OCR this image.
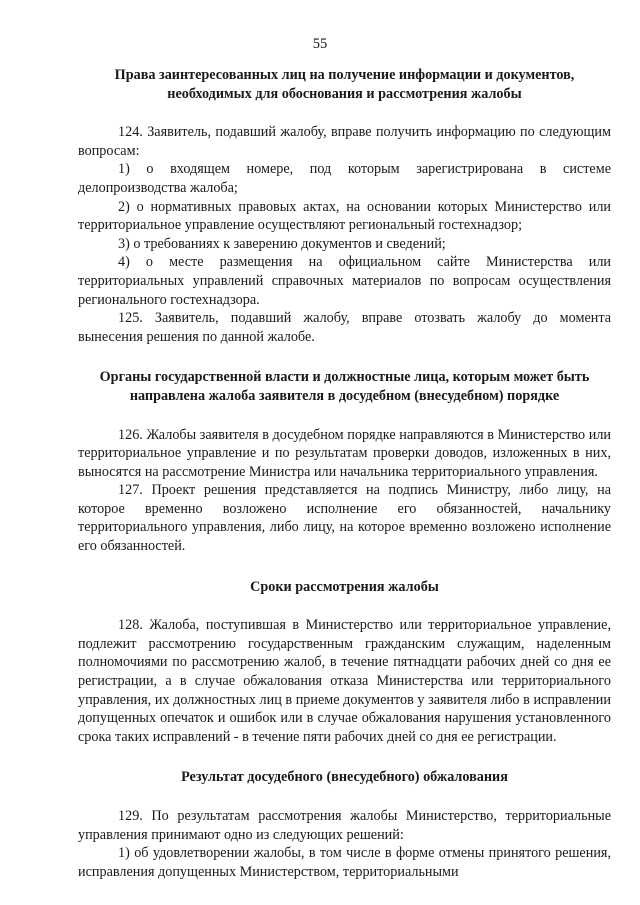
55
Права заинтересованных лиц на получение информации и документов, необходимых для обоснования и рассмотрения жалобы

124. Заявитель, подавший жалобу, вправе получить информацию по следующим вопросам:

1) о входящем номере, под которым зарегистрирована в системе делопроизводства жалоба;

2) о нормативных правовых актах, на основании которых Министерство или территориальное управление осуществляют региональный гостехнадзор;

3) о требованиях к заверению документов и сведений;

4) о месте размещения на официальном сайте Министерства или территориальных управлений справочных материалов по вопросам осуществления регионального гостехнадзора.

125. Заявитель, подавший жалобу, вправе отозвать жалобу до момента вынесения решения по данной жалобе.

Органы государственной власти и должностные лица, которым может быть направлена жалоба заявителя в досудебном (внесудебном) порядке

126. Жалобы заявителя в досудебном порядке направляются в Министерство или территориальное управление и по результатам проверки доводов, изложенных в них, выносятся на рассмотрение Министра или начальника территориального управления.

127. Проект решения представляется на подпись Министру, либо лицу, на которое временно возложено исполнение его обязанностей, начальнику территориального управления, либо лицу, на которое временно возложено исполнение его обязанностей.

Сроки рассмотрения жалобы

128. Жалоба, поступившая в Министерство или территориальное управление, подлежит рассмотрению государственным гражданским служащим, наделенным полномочиями по рассмотрению жалоб, в течение пятнадцати рабочих дней со дня ее регистрации, а в случае обжалования отказа Министерства или территориального управления, их должностных лиц в приеме документов у заявителя либо в исправлении допущенных опечаток и ошибок или в случае обжалования нарушения установленного срока таких исправлений - в течение пяти рабочих дней со дня ее регистрации.

Результат досудебного (внесудебного) обжалования

129. По результатам рассмотрения жалобы Министерство, территориальные управления принимают одно из следующих решений:

1) об удовлетворении жалобы, в том числе в форме отмены принятого решения, исправления допущенных Министерством, территориальными
